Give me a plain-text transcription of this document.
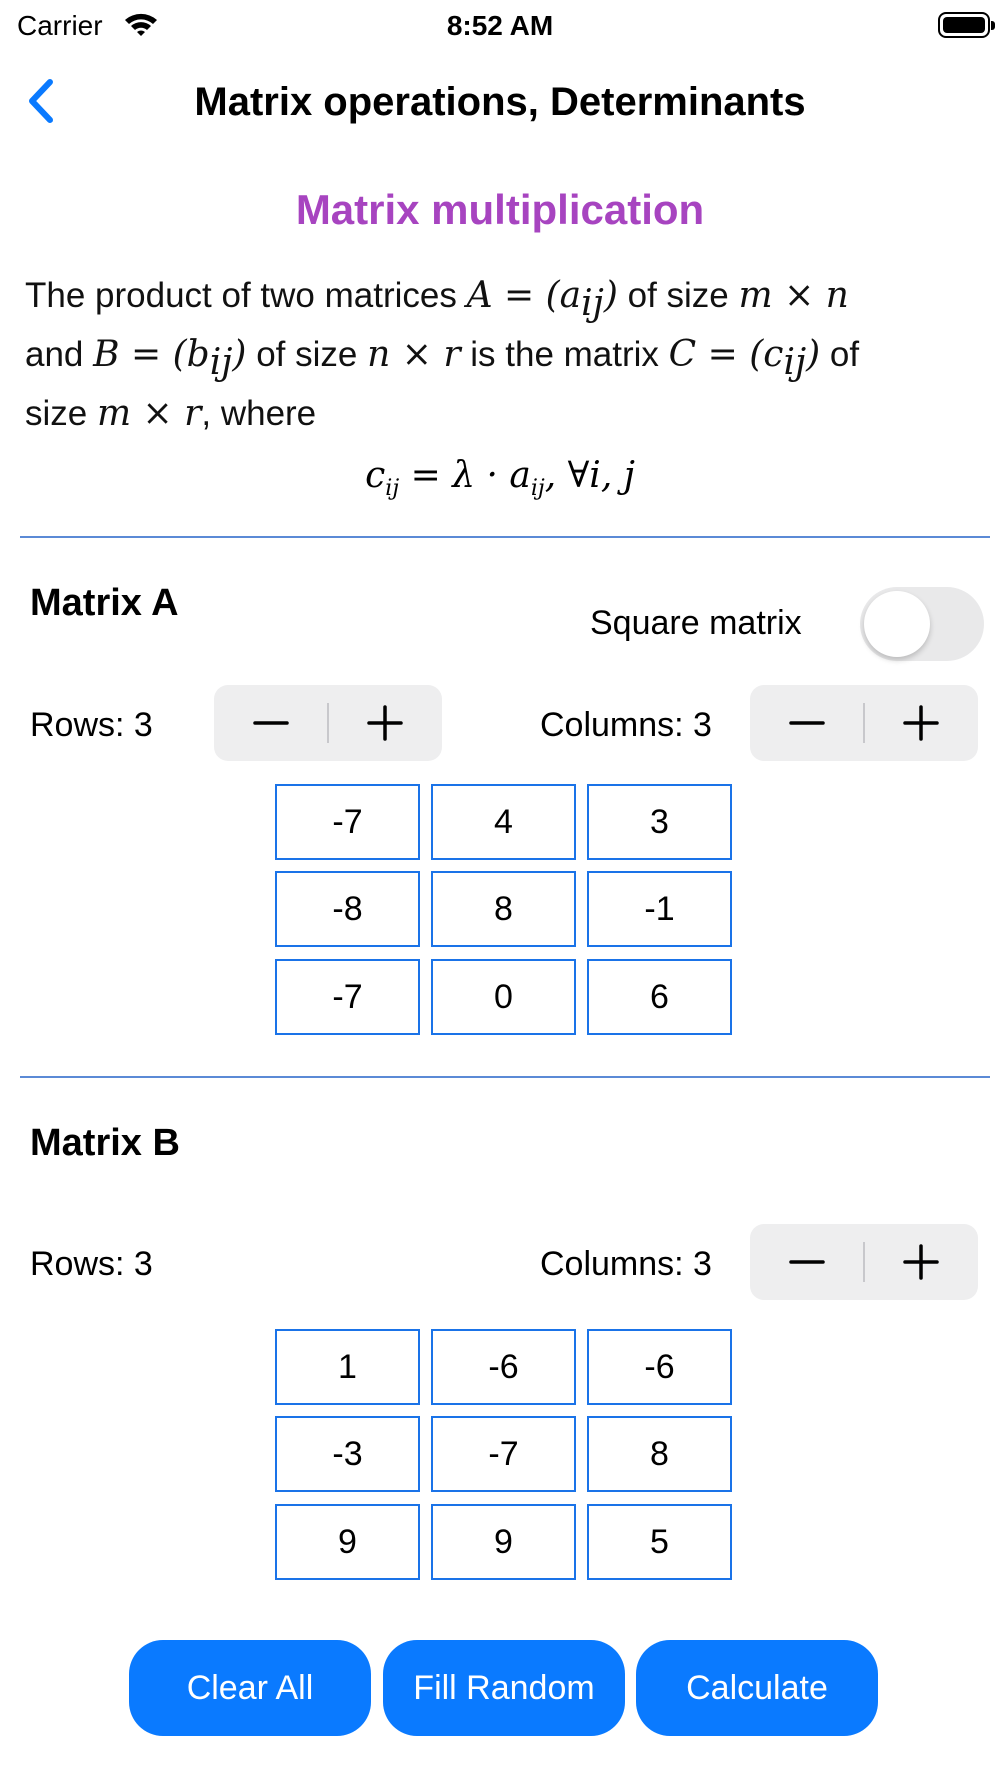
Carrier	8:52 AM
Matrix operations, Determinants
Matrix multiplication
The product of two matrices $A = (a_{ij})$ of size m × n
and $B = (b_{ij})$ of size n × r is the matrix $C = (c_{ij})$ of
size m × r, where
$c_{ij} = \lambda \cdot a_{ij}$, ∀i, j
Matrix A	Square matrix
Rows: 3	Columns: 3
-7	4	3
-8	8	-1
-7	0	6
Matrix B
Rows: 3	Columns: 3
1	-6	-6
-3	-7	8
9	9	5
Clear All	Fill Random	Calculate
